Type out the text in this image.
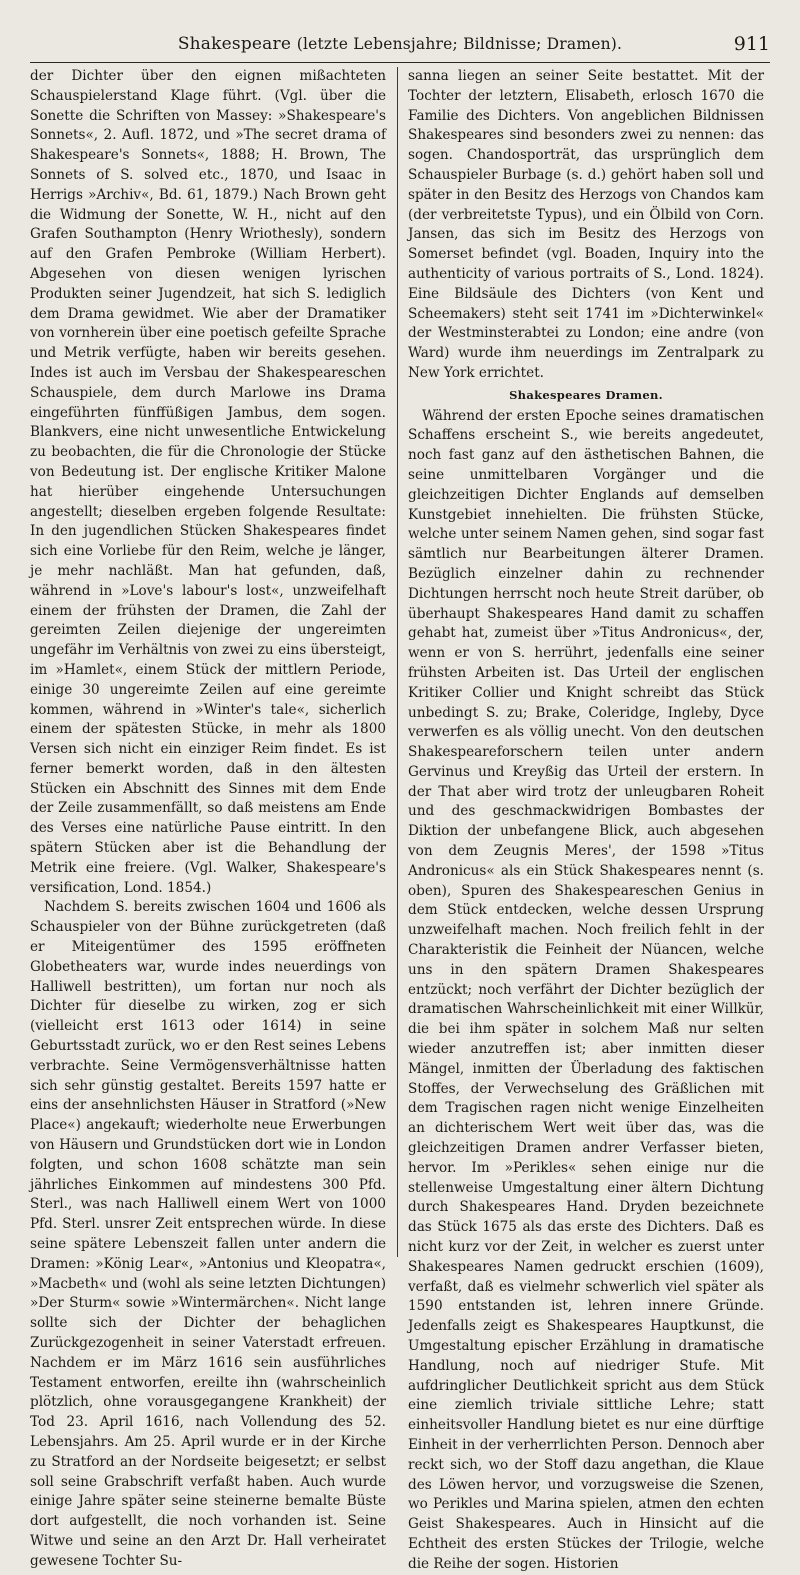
Shakespeare (letzte Lebensjahre; Bildnisse; Dramen).	911

der Dichter über den eignen mißachteten Schauspielerstand Klage führt. (Vgl. über die Sonette die Schriften von Massey: »Shakespeare's Sonnets«, 2. Aufl. 1872, und »The secret drama of Shakespeare's Sonnets«, 1888; H. Brown, The Sonnets of S. solved etc., 1870, und Isaac in Herrigs »Archiv«, Bd. 61, 1879.) Nach Brown geht die Widmung der Sonette, W. H., nicht auf den Grafen Southampton (Henry Wriothesly), sondern auf den Grafen Pembroke (William Herbert). Abgesehen von diesen wenigen lyrischen Produkten seiner Jugendzeit, hat sich S. lediglich dem Drama gewidmet. Wie aber der Dramatiker von vornherein über eine poetisch gefeilte Sprache und Metrik verfügte, haben wir bereits gesehen. Indes ist auch im Versbau der Shakespeareschen Schauspiele, dem durch Marlowe ins Drama eingeführten fünffüßigen Jambus, dem sogen. Blankvers, eine nicht unwesentliche Entwickelung zu beobachten, die für die Chronologie der Stücke von Bedeutung ist. Der englische Kritiker Malone hat hierüber eingehende Untersuchungen angestellt; dieselben ergeben folgende Resultate: In den jugendlichen Stücken Shakespeares findet sich eine Vorliebe für den Reim, welche je länger, je mehr nachläßt. Man hat gefunden, daß, während in »Love's labour's lost«, unzweifelhaft einem der frühsten der Dramen, die Zahl der gereimten Zeilen diejenige der ungereimten ungefähr im Verhältnis von zwei zu eins übersteigt, im »Hamlet«, einem Stück der mittlern Periode, einige 30 ungereimte Zeilen auf eine gereimte kommen, während in »Winter's tale«, sicherlich einem der spätesten Stücke, in mehr als 1800 Versen sich nicht ein einziger Reim findet. Es ist ferner bemerkt worden, daß in den ältesten Stücken ein Abschnitt des Sinnes mit dem Ende der Zeile zusammenfällt, so daß meistens am Ende des Verses eine natürliche Pause eintritt. In den spätern Stücken aber ist die Behandlung der Metrik eine freiere. (Vgl. Walker, Shakespeare's versification, Lond. 1854.)

Nachdem S. bereits zwischen 1604 und 1606 als Schauspieler von der Bühne zurückgetreten (daß er Miteigentümer des 1595 eröffneten Globetheaters war, wurde indes neuerdings von Halliwell bestritten), um fortan nur noch als Dichter für dieselbe zu wirken, zog er sich (vielleicht erst 1613 oder 1614) in seine Geburtsstadt zurück, wo er den Rest seines Lebens verbrachte. Seine Vermögensverhältnisse hatten sich sehr günstig gestaltet. Bereits 1597 hatte er eins der ansehnlichsten Häuser in Stratford (»New Place«) angekauft; wiederholte neue Erwerbungen von Häusern und Grundstücken dort wie in London folgten, und schon 1608 schätzte man sein jährliches Einkommen auf mindestens 300 Pfd. Sterl., was nach Halliwell einem Wert von 1000 Pfd. Sterl. unsrer Zeit entsprechen würde. In diese seine spätere Lebenszeit fallen unter andern die Dramen: »König Lear«, »Antonius und Kleopatra«, »Macbeth« und (wohl als seine letzten Dichtungen) »Der Sturm« sowie »Wintermärchen«. Nicht lange sollte sich der Dichter der behaglichen Zurückgezogenheit in seiner Vaterstadt erfreuen. Nachdem er im März 1616 sein ausführliches Testament entworfen, ereilte ihn (wahrscheinlich plötzlich, ohne vorausgegangene Krankheit) der Tod 23. April 1616, nach Vollendung des 52. Lebensjahrs. Am 25. April wurde er in der Kirche zu Stratford an der Nordseite beigesetzt; er selbst soll seine Grabschrift verfaßt haben. Auch wurde einige Jahre später seine steinerne bemalte Büste dort aufgestellt, die noch vorhanden ist. Seine Witwe und seine an den Arzt Dr. Hall verheiratet gewesene Tochter Su-

sanna liegen an seiner Seite bestattet. Mit der Tochter der letztern, Elisabeth, erlosch 1670 die Familie des Dichters. Von angeblichen Bildnissen Shakespeares sind besonders zwei zu nennen: das sogen. Chandosporträt, das ursprünglich dem Schauspieler Burbage (s. d.) gehört haben soll und später in den Besitz des Herzogs von Chandos kam (der verbreitetste Typus), und ein Ölbild von Corn. Jansen, das sich im Besitz des Herzogs von Somerset befindet (vgl. Boaden, Inquiry into the authenticity of various portraits of S., Lond. 1824). Eine Bildsäule des Dichters (von Kent und Scheemakers) steht seit 1741 im »Dichterwinkel« der Westminsterabtei zu London; eine andre (von Ward) wurde ihm neuerdings im Zentralpark zu New York errichtet.

Shakespeares Dramen.

Während der ersten Epoche seines dramatischen Schaffens erscheint S., wie bereits angedeutet, noch fast ganz auf den ästhetischen Bahnen, die seine unmittelbaren Vorgänger und die gleichzeitigen Dichter Englands auf demselben Kunstgebiet innehielten. Die frühsten Stücke, welche unter seinem Namen gehen, sind sogar fast sämtlich nur Bearbeitungen älterer Dramen. Bezüglich einzelner dahin zu rechnender Dichtungen herrscht noch heute Streit darüber, ob überhaupt Shakespeares Hand damit zu schaffen gehabt hat, zumeist über »Titus Andronicus«, der, wenn er von S. herrührt, jedenfalls eine seiner frühsten Arbeiten ist. Das Urteil der englischen Kritiker Collier und Knight schreibt das Stück unbedingt S. zu; Brake, Coleridge, Ingleby, Dyce verwerfen es als völlig unecht. Von den deutschen Shakespeareforschern teilen unter andern Gervinus und Kreyßig das Urteil der erstern. In der That aber wird trotz der unleugbaren Roheit und des geschmackwidrigen Bombastes der Diktion der unbefangene Blick, auch abgesehen von dem Zeugnis Meres', der 1598 »Titus Andronicus« als ein Stück Shakespeares nennt (s. oben), Spuren des Shakespeareschen Genius in dem Stück entdecken, welche dessen Ursprung unzweifelhaft machen. Noch freilich fehlt in der Charakteristik die Feinheit der Nüancen, welche uns in den spätern Dramen Shakespeares entzückt; noch verfährt der Dichter bezüglich der dramatischen Wahrscheinlichkeit mit einer Willkür, die bei ihm später in solchem Maß nur selten wieder anzutreffen ist; aber inmitten dieser Mängel, inmitten der Überladung des faktischen Stoffes, der Verwechselung des Gräßlichen mit dem Tragischen ragen nicht wenige Einzelheiten an dichterischem Wert weit über das, was die gleichzeitigen Dramen andrer Verfasser bieten, hervor. Im »Perikles« sehen einige nur die stellenweise Umgestaltung einer ältern Dichtung durch Shakespeares Hand. Dryden bezeichnete das Stück 1675 als das erste des Dichters. Daß es nicht kurz vor der Zeit, in welcher es zuerst unter Shakespeares Namen gedruckt erschien (1609), verfaßt, daß es vielmehr schwerlich viel später als 1590 entstanden ist, lehren innere Gründe. Jedenfalls zeigt es Shakespeares Hauptkunst, die Umgestaltung epischer Erzählung in dramatische Handlung, noch auf niedriger Stufe. Mit aufdringlicher Deutlichkeit spricht aus dem Stück eine ziemlich triviale sittliche Lehre; statt einheitsvoller Handlung bietet es nur eine dürftige Einheit in der verherrlichten Person. Dennoch aber reckt sich, wo der Stoff dazu angethan, die Klaue des Löwen hervor, und vorzugsweise die Szenen, wo Perikles und Marina spielen, atmen den echten Geist Shakespeares. Auch in Hinsicht auf die Echtheit des ersten Stückes der Trilogie, welche die Reihe der sogen. Historien
